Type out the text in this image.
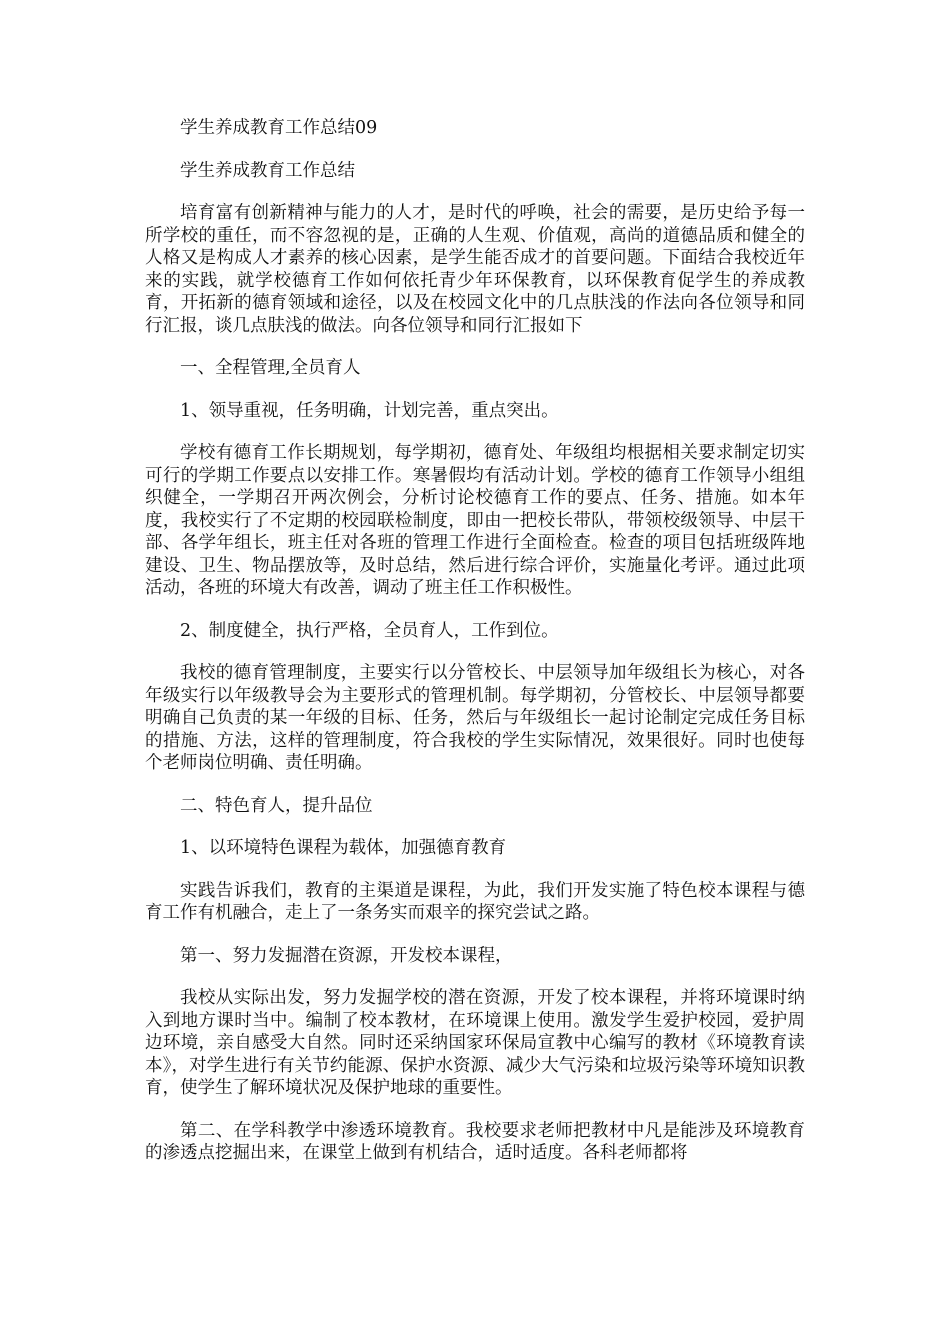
学生养成教育工作总结09

学生养成教育工作总结

培育富有创新精神与能力的人才，是时代的呼唤，社会的需要，是历史给予每一所学校的重任，而不容忽视的是，正确的人生观、价值观，高尚的道德品质和健全的人格又是构成人才素养的核心因素，是学生能否成才的首要问题。下面结合我校近年来的实践，就学校德育工作如何依托青少年环保教育，以环保教育促学生的养成教育，开拓新的德育领域和途径，以及在校园文化中的几点肤浅的作法向各位领导和同行汇报，谈几点肤浅的做法。向各位领导和同行汇报如下

一、全程管理,全员育人

1、领导重视，任务明确，计划完善，重点突出。

学校有德育工作长期规划，每学期初，德育处、年级组均根据相关要求制定切实可行的学期工作要点以安排工作。寒暑假均有活动计划。学校的德育工作领导小组组织健全，一学期召开两次例会，分析讨论校德育工作的要点、任务、措施。如本年度，我校实行了不定期的校园联检制度，即由一把校长带队，带领校级领导、中层干部、各学年组长，班主任对各班的管理工作进行全面检查。检查的项目包括班级阵地建设、卫生、物品摆放等，及时总结，然后进行综合评价，实施量化考评。通过此项活动，各班的环境大有改善，调动了班主任工作积极性。

2、制度健全，执行严格，全员育人，工作到位。

我校的德育管理制度，主要实行以分管校长、中层领导加年级组长为核心，对各年级实行以年级教导会为主要形式的管理机制。每学期初，分管校长、中层领导都要明确自己负责的某一年级的目标、任务，然后与年级组长一起讨论制定完成任务目标的措施、方法，这样的管理制度，符合我校的学生实际情况，效果很好。同时也使每个老师岗位明确、责任明确。

二、特色育人，提升品位

1、以环境特色课程为载体，加强德育教育

实践告诉我们，教育的主渠道是课程，为此，我们开发实施了特色校本课程与德育工作有机融合，走上了一条务实而艰辛的探究尝试之路。

第一、努力发掘潜在资源，开发校本课程，

我校从实际出发，努力发掘学校的潜在资源，开发了校本课程，并将环境课时纳入到地方课时当中。编制了校本教材，在环境课上使用。激发学生爱护校园，爱护周边环境，亲自感受大自然。同时还采纳国家环保局宣教中心编写的教材《环境教育读本》，对学生进行有关节约能源、保护水资源、减少大气污染和垃圾污染等环境知识教育，使学生了解环境状况及保护地球的重要性。

第二、在学科教学中渗透环境教育。我校要求老师把教材中凡是能涉及环境教育的渗透点挖掘出来，在课堂上做到有机结合，适时适度。各科老师都将
